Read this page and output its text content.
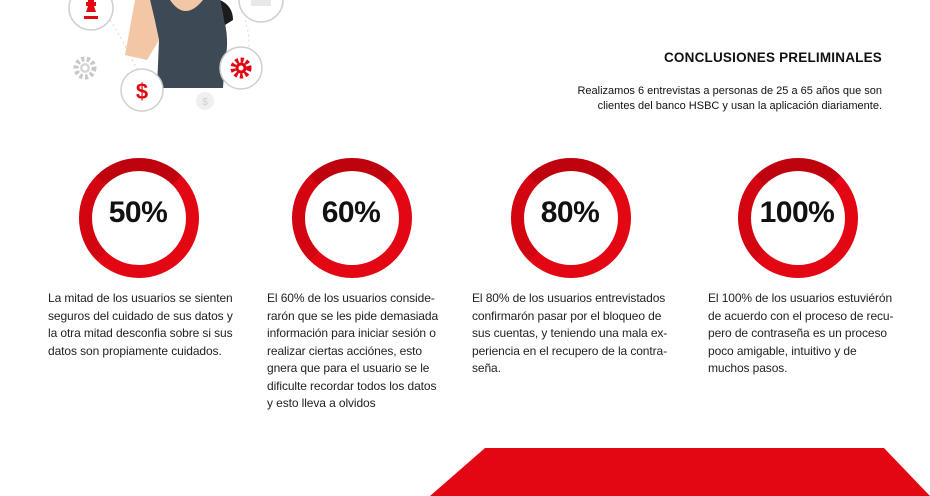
$	$
CONCLUSIONES PRELIMINALES
Realizamos 6 entrevistas a personas de 25 a 65 años que son clientes del banco HSBC y usan la aplicación diariamente.
50%
La mitad de los usuarios se sienten
seguros del cuidado de sus datos y
la otra mitad desconfia sobre si sus
datos son propiamente cuidados.
60%
El 60% de los usuarios conside-
rarón que se les pide demasiada
información para iniciar sesión o
realizar ciertas acciónes, esto
gnera que para el usuario se le
dificulte recordar todos los datos
y esto lleva a olvidos
80%
El 80% de los usuarios entrevistados
confirmarón pasar por el bloqueo de
sus cuentas, y teniendo una mala ex-
periencia en el recupero de la contra-
seña.
100%
El 100% de los usuarios estuviérón
de acuerdo con el proceso de recu-
pero de contraseña es un proceso
poco amigable, intuitivo y de
muchos pasos.
